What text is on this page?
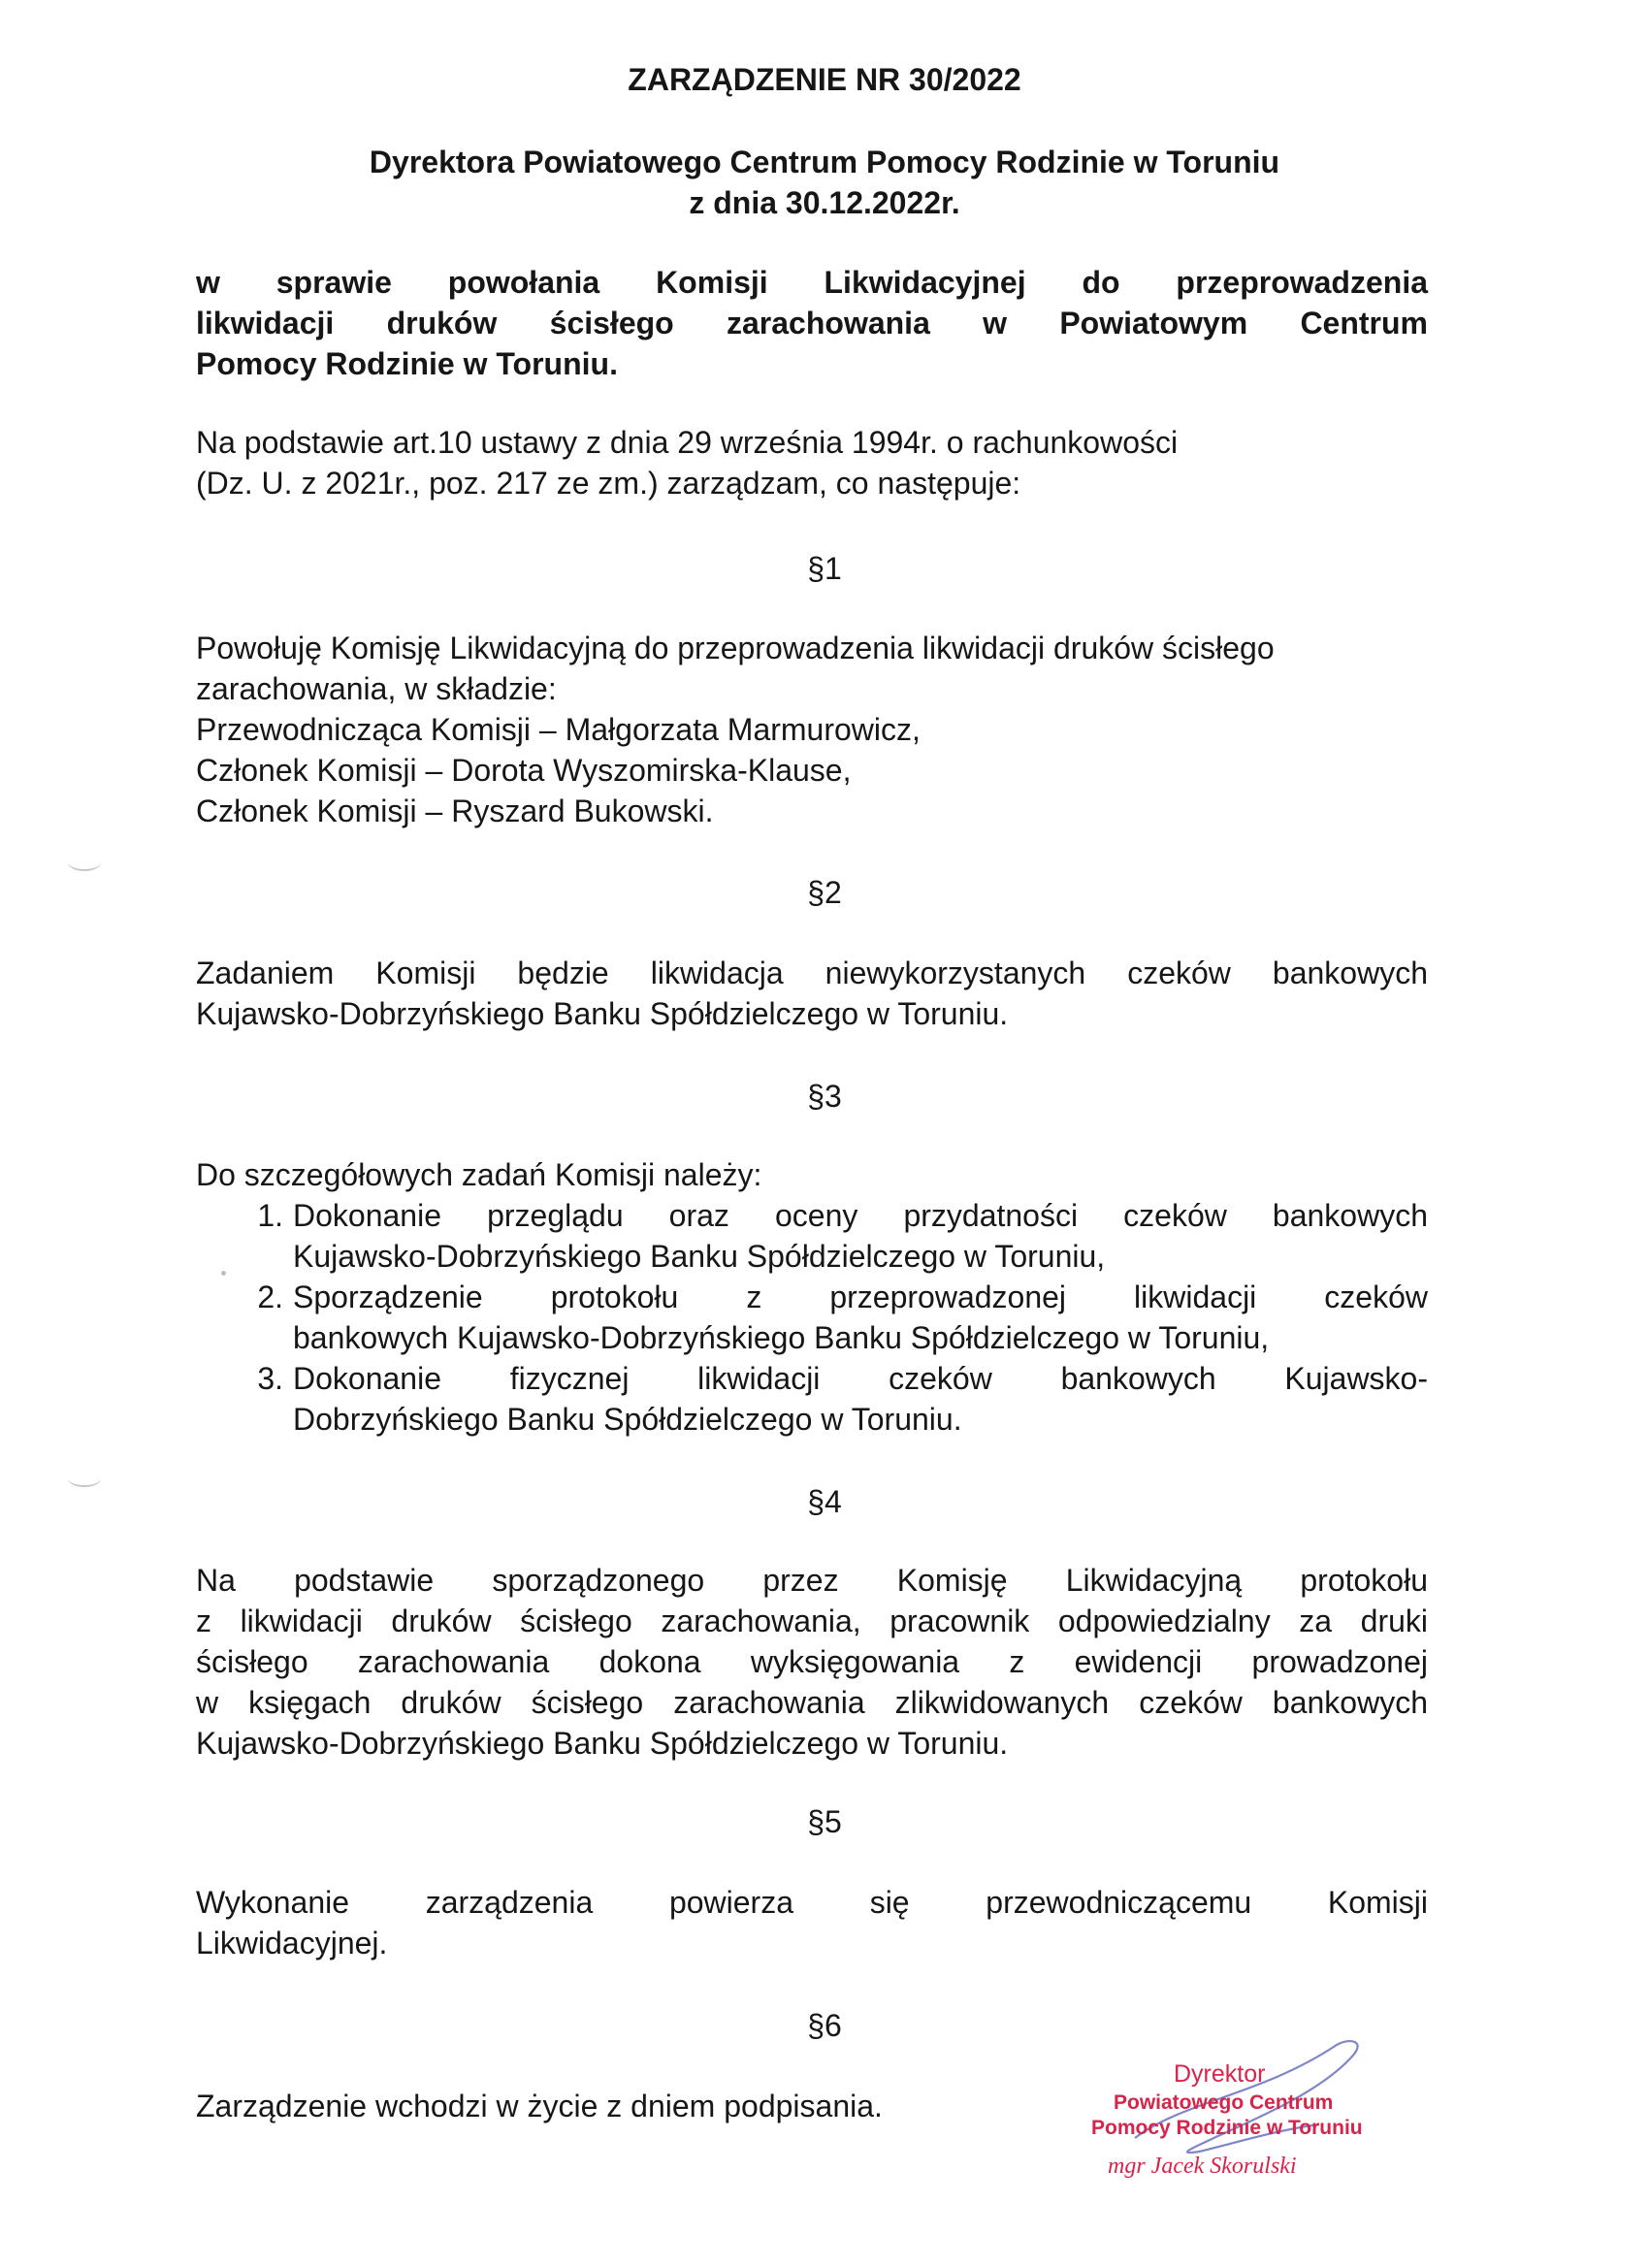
ZARZĄDZENIE NR 30/2022
Dyrektora Powiatowego Centrum Pomocy Rodzinie w Toruniu
z dnia 30.12.2022r.
w sprawie powołania Komisji Likwidacyjnej do przeprowadzenia
likwidacji druków ścisłego zarachowania w Powiatowym Centrum
Pomocy Rodzinie w Toruniu.
Na podstawie art.10 ustawy z dnia 29 września 1994r. o rachunkowości
(Dz. U. z 2021r., poz. 217 ze zm.) zarządzam, co następuje:
§1
Powołuję Komisję Likwidacyjną do przeprowadzenia likwidacji druków ścisłego
zarachowania, w składzie:
Przewodnicząca Komisji – Małgorzata Marmurowicz,
Członek Komisji – Dorota Wyszomirska-Klause,
Członek Komisji – Ryszard Bukowski.
§2
Zadaniem Komisji będzie likwidacja niewykorzystanych czeków bankowych
Kujawsko-Dobrzyńskiego Banku Spółdzielczego w Toruniu.
§3
Do szczegółowych zadań Komisji należy:
1. Dokonanie przeglądu oraz oceny przydatności czeków bankowych
Kujawsko-Dobrzyńskiego Banku Spółdzielczego w Toruniu,
2. Sporządzenie protokołu z przeprowadzonej likwidacji czeków
bankowych Kujawsko-Dobrzyńskiego Banku Spółdzielczego w Toruniu,
3. Dokonanie fizycznej likwidacji czeków bankowych Kujawsko-
Dobrzyńskiego Banku Spółdzielczego w Toruniu.
§4
Na podstawie sporządzonego przez Komisję Likwidacyjną protokołu
z likwidacji druków ścisłego zarachowania, pracownik odpowiedzialny za druki
ścisłego zarachowania dokona wyksięgowania z ewidencji prowadzonej
w księgach druków ścisłego zarachowania zlikwidowanych czeków bankowych
Kujawsko-Dobrzyńskiego Banku Spółdzielczego w Toruniu.
§5
Wykonanie zarządzenia powierza się przewodniczącemu Komisji
Likwidacyjnej.
§6
Zarządzenie wchodzi w życie z dniem podpisania.
Dyrektor
Powiatowego Centrum
Pomocy Rodzinie w Toruniu
mgr Jacek Skorulski
